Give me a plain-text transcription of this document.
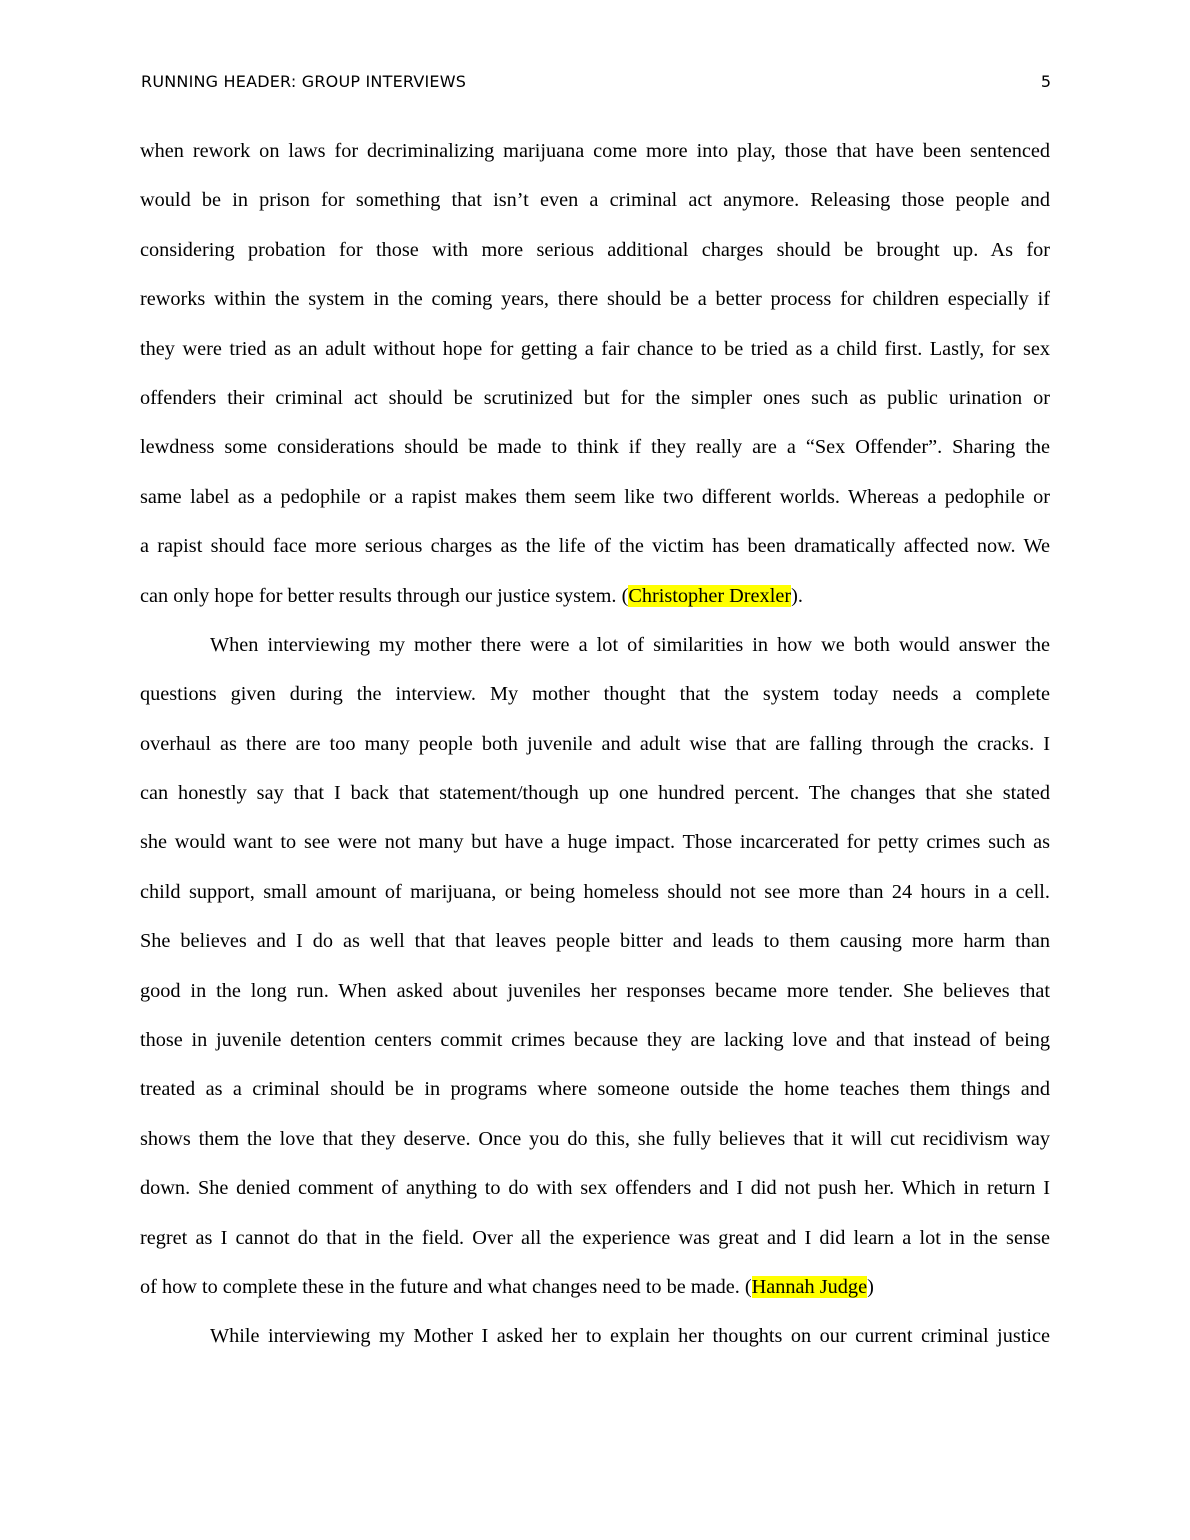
RUNNING HEADER: GROUP INTERVIEWS	5
when rework on laws for decriminalizing marijuana come more into play, those that have been sentenced
would be in prison for something that isn’t even a criminal act anymore. Releasing those people and
considering probation for those with more serious additional charges should be brought up. As for
reworks within the system in the coming years, there should be a better process for children especially if
they were tried as an adult without hope for getting a fair chance to be tried as a child first. Lastly, for sex
offenders their criminal act should be scrutinized but for the simpler ones such as public urination or
lewdness some considerations should be made to think if they really are a “Sex Offender”. Sharing the
same label as a pedophile or a rapist makes them seem like two different worlds. Whereas a pedophile or
a rapist should face more serious charges as the life of the victim has been dramatically affected now. We
can only hope for better results through our justice system. (Christopher Drexler).
When interviewing my mother there were a lot of similarities in how we both would answer the
questions given during the interview. My mother thought that the system today needs a complete
overhaul as there are too many people both juvenile and adult wise that are falling through the cracks. I
can honestly say that I back that statement/though up one hundred percent. The changes that she stated
she would want to see were not many but have a huge impact. Those incarcerated for petty crimes such as
child support, small amount of marijuana, or being homeless should not see more than 24 hours in a cell.
She believes and I do as well that that leaves people bitter and leads to them causing more harm than
good in the long run. When asked about juveniles her responses became more tender. She believes that
those in juvenile detention centers commit crimes because they are lacking love and that instead of being
treated as a criminal should be in programs where someone outside the home teaches them things and
shows them the love that they deserve. Once you do this, she fully believes that it will cut recidivism way
down. She denied comment of anything to do with sex offenders and I did not push her. Which in return I
regret as I cannot do that in the field. Over all the experience was great and I did learn a lot in the sense
of how to complete these in the future and what changes need to be made. (Hannah Judge)
While interviewing my Mother I asked her to explain her thoughts on our current criminal justice
